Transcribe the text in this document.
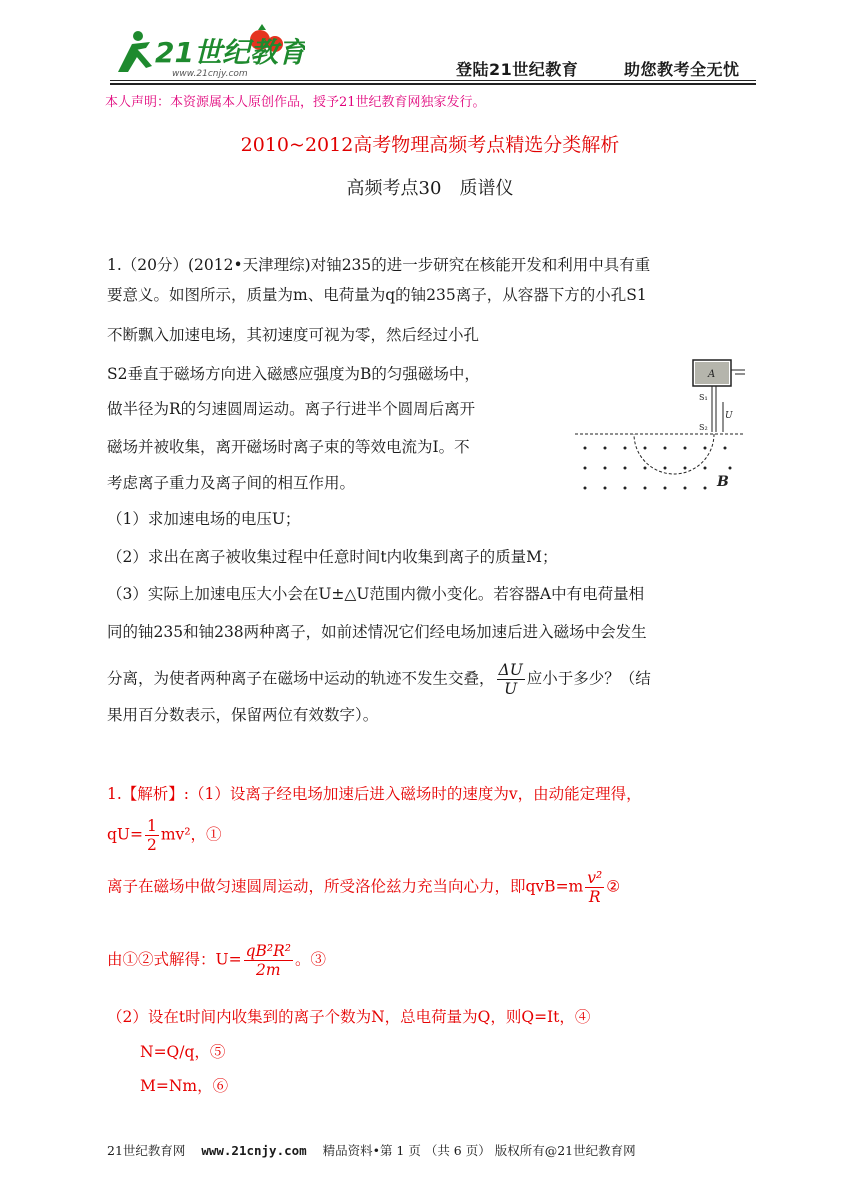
21世纪教育
www.21cnjy.com	登陆21世纪教育	助您教考全无忧
本人声明：本资源属本人原创作品，授予21世纪教育网独家发行。
2010~2012高考物理高频考点精选分类解析
高频考点30　质谱仪
1.（20分）(2012•天津理综)对铀235的进一步研究在核能开发和利用中具有重
要意义。如图所示，质量为m、电荷量为q的铀235离子，从容器下方的小孔S1
不断飘入加速电场，其初速度可视为零，然后经过小孔
S2垂直于磁场方向进入磁感应强度为B的匀强磁场中，
做半径为R的匀速圆周运动。离子行进半个圆周后离开
磁场并被收集，离开磁场时离子束的等效电流为I。不
考虑离子重力及离子间的相互作用。
（1）求加速电场的电压U；
（2）求出在离子被收集过程中任意时间t内收集到离子的质量M；
（3）实际上加速电压大小会在U±△U范围内微小变化。若容器A中有电荷量相
同的铀235和铀238两种离子，如前述情况它们经电场加速后进入磁场中会发生
分离，为使者两种离子在磁场中运动的轨迹不发生交叠， $\frac{\Delta U}{U}$ 应小于多少？（结
果用百分数表示，保留两位有效数字）。
A
S₁
U
S₂
B
1.【解析】:（1）设离子经电场加速后进入磁场时的速度为v，由动能定理得，
$qU= \frac{1}{2} mv^2$，①
离子在磁场中做匀速圆周运动，所受洛伦兹力充当向心力，即$qvB=m \frac{\text{v²}}{R}$ ②
由①②式解得：$U= \frac{\text{qB²R²}}{2m}$ 。③
（2）设在t时间内收集到的离子个数为N，总电荷量为Q，则Q=It，④
N=Q/q，⑤
M=Nm，⑥
21世纪教育网 www.21cnjy.com 精品资料•第 1 页 （共 6 页） 版权所有@21世纪教育网
